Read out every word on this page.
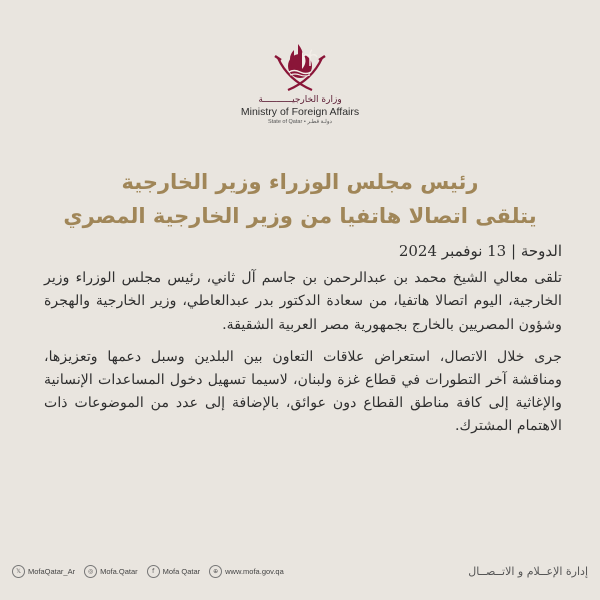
وزارة الخارجيـــــــــــة
Ministry of Foreign Affairs
State of Qatar • دولـة قطـر
رئيس مجلس الوزراء وزير الخارجية
يتلقى اتصالا هاتفيا من وزير الخارجية المصري

الدوحة | 13 نوفمبر 2024

تلقى معالي الشيخ محمد بن عبدالرحمن بن جاسم آل ثاني، رئيس مجلس الوزراء وزير الخارجية، اليوم اتصالا هاتفيا، من سعادة الدكتور بدر عبدالعاطي، وزير الخارجية والهجرة وشؤون المصريين بالخارج بجمهورية مصر العربية الشقيقة.

جرى خلال الاتصال، استعراض علاقات التعاون بين البلدين وسبل دعمها وتعزيزها، ومناقشة آخر التطورات في قطاع غزة ولبنان، لاسيما تسهيل دخول المساعدات الإنسانية والإغاثية إلى كافة مناطق القطاع دون عوائق، بالإضافة إلى عدد من الموضوعات ذات الاهتمام المشترك.

𝕏 MofaQatar_Ar	◎ Mofa.Qatar	f	Mofa Qatar	⊕ www.mofa.gov.qa	إدارة الإعــلام و الاتــصــال
